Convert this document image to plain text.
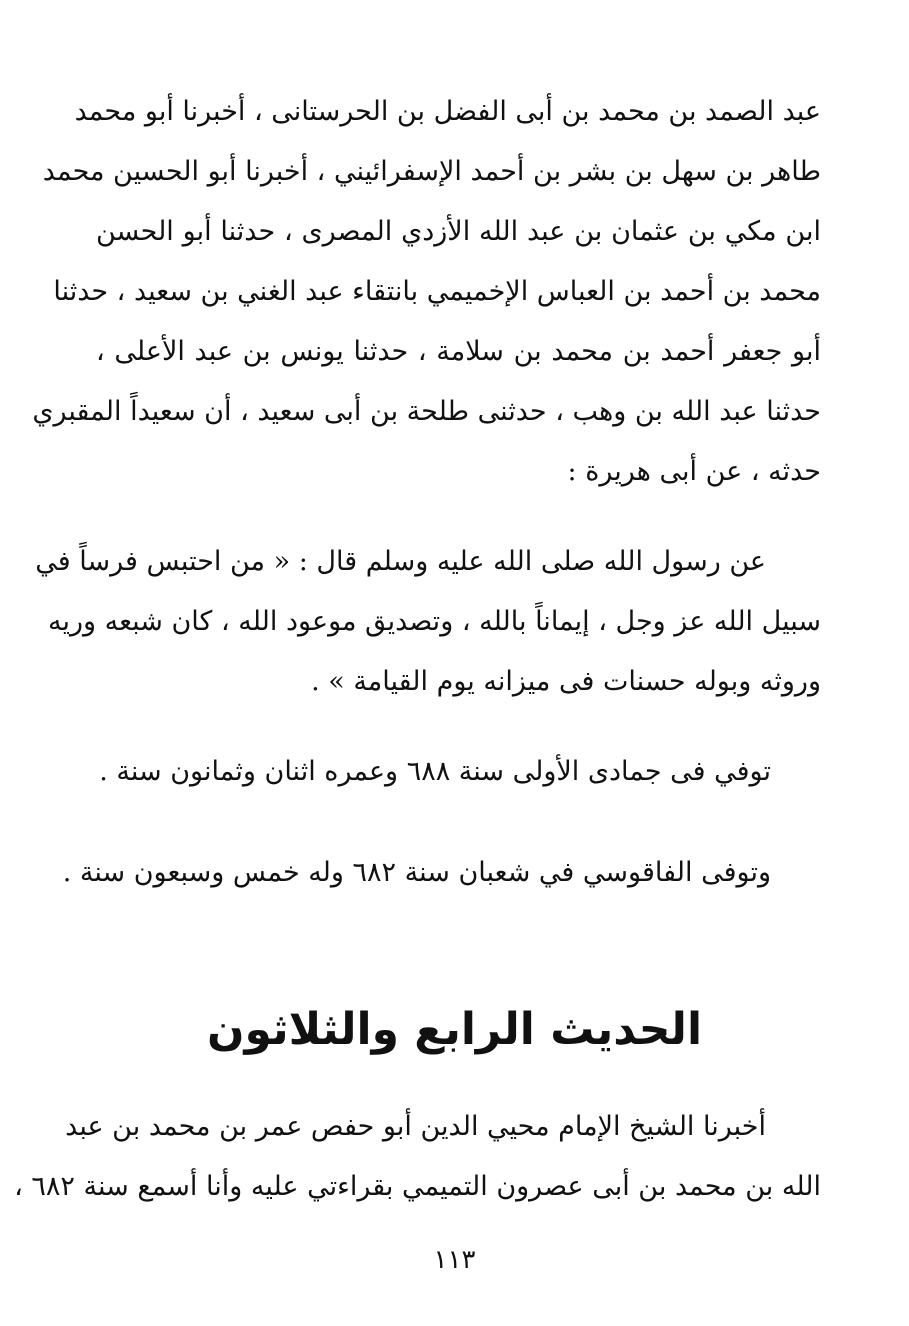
عبد الصمد بن محمد بن أبى الفضل بن الحرستانى ، أخبرنا أبو محمد
طاهر بن سهل بن بشر بن أحمد الإسفرائيني ، أخبرنا أبو الحسين محمد
ابن مكي بن عثمان بن عبد الله الأزدي المصرى ، حدثنا أبو الحسن
محمد بن أحمد بن العباس الإخميمي بانتقاء عبد الغني بن سعيد ، حدثنا
أبو جعفر أحمد بن محمد بن سلامة ، حدثنا يونس بن عبد الأعلى ،
حدثنا عبد الله بن وهب ، حدثنى طلحة بن أبى سعيد ، أن سعيداً المقبري
حدثه ، عن أبى هريرة :
عن رسول الله صلى الله عليه وسلم قال : « من احتبس فرساً في
سبيل الله عز وجل ، إيماناً بالله ، وتصديق موعود الله ، كان شبعه وريه
وروثه وبوله حسنات فى ميزانه يوم القيامة » .
توفي فى جمادى الأولى سنة ٦٨٨ وعمره اثنان وثمانون سنة .
وتوفى الفاقوسي في شعبان سنة ٦٨٢ وله خمس وسبعون سنة .
الحديث الرابع والثلاثون
أخبرنا الشيخ الإمام محيي الدين أبو حفص عمر بن محمد بن عبد
الله بن محمد بن أبى عصرون التميمي بقراءتي عليه وأنا أسمع سنة ٦٨٢ ،
١١٣
